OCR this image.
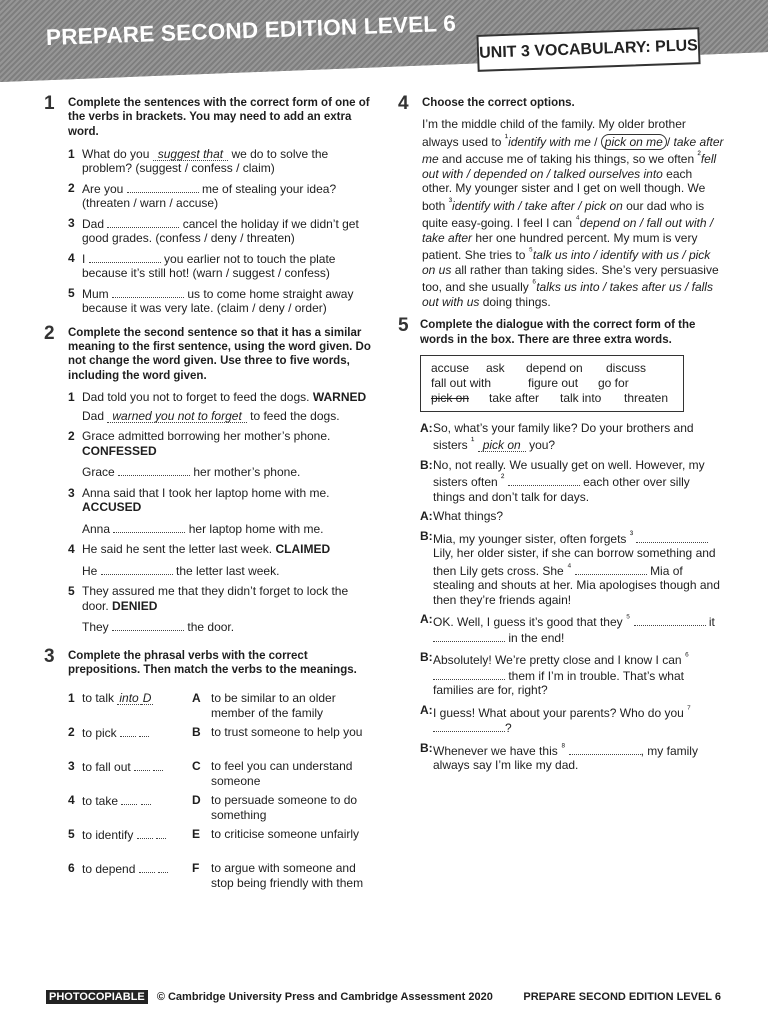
PREPARE SECOND EDITION LEVEL 6 UNIT 3 VOCABULARY: PLUS
1 Complete the sentences with the correct form of one of the verbs in brackets. You may need to add an extra word.
1 What do you suggest that we do to solve the problem? (suggest / confess / claim)
2 Are you	me of stealing your idea? (threaten / warn / accuse)
3 Dad	cancel the holiday if we didn’t get good grades. (confess / deny / threaten)
4 I	you earlier not to touch the plate because it’s still hot! (warn / suggest / confess)
5 Mum	us to come home straight away because it was very late. (claim / deny / order)
2 Complete the second sentence so that it has a similar meaning to the first sentence, using the word given. Do not change the word given. Use three to five words, including the word given.
1 Dad told you not to forget to feed the dogs. WARNED
Dad warned you not to forget to feed the dogs.
2 Grace admitted borrowing her mother’s phone.
CONFESSED
Grace	her mother’s phone.
3 Anna said that I took her laptop home with me.
ACCUSED
Anna	her laptop home with me.
4 He said he sent the letter last week. CLAIMED
He	the letter last week.
5 They assured me that they didn’t forget to lock the door. DENIED
They	the door.
3 Complete the phrasal verbs with the correct prepositions. Then match the verbs to the meanings.
1 to talk into D	A to be similar to an older member of the family
2 to pick	B to trust someone to help you
3 to fall out	C to feel you can understand someone
4 to take	D to persuade someone to do something
5 to identify	E to criticise someone unfairly
6 to depend	F to argue with someone and stop being friendly with them
4 Choose the correct options.
I’m the middle child of the family. My older brother always used to $^{^1}$identify with me / pick on me / take after me and accuse me of taking his things, so we often $^{^2}$fell out with / depended on / talked ourselves into each other. My younger sister and I get on well though. We both $^{^3}$identify with / take after / pick on our dad who is quite easy-going. I feel I can $^{^4}$depend on / fall out with / take after her one hundred percent. My mum is very patient. She tries to $^{^5}$talk us into / identify with us / pick on us all rather than taking sides. She’s very persuasive too, and she usually $^{^6}$talks us into / takes after us / falls out with us doing things.
5 Complete the dialogue with the correct form of the words in the box. There are three extra words.
accuse	ask	depend on	discuss
fall out with	figure out	go for
pick on	take after	talk into	threaten
A: So, what’s your family like? Do your brothers and sisters $^{^1}$ pick on you?
B: No, not really. We usually get on well. However, my sisters often $^{^2}$	each other over silly things and don’t talk for days.
A: What things?
B: Mia, my younger sister, often forgets $^{^3}$  Lily, her older sister, if she can borrow something and then Lily gets cross. She $^{^4}$	Mia of stealing and shouts at her. Mia apologises though and then they’re friends again!
A: OK. Well, I guess it’s good that they $^{^5}$	it
in the end!
B: Absolutely! We’re pretty close and I know I can $^{^6}$  them if I’m in trouble. That’s what families are for, right?
A: I guess! What about your parents? Who do you $^{^7}$ ?
B: Whenever we have this $^{^8}$	, my family always say I’m like my dad.
PHOTOCOPIABLE © Cambridge University Press and Cambridge Assessment 2020	PREPARE SECOND EDITION LEVEL 6
